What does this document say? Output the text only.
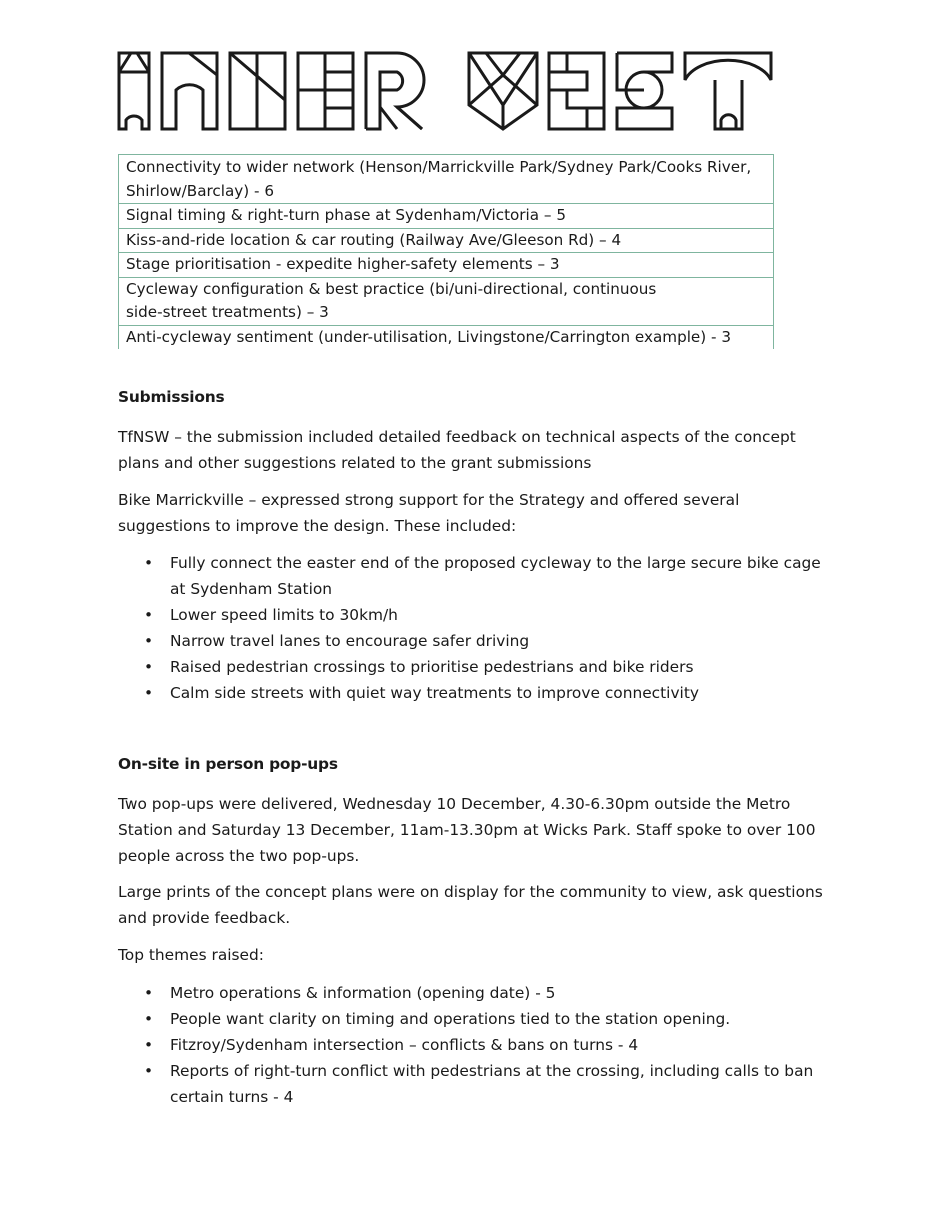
Connectivity to wider network (Henson/Marrickville Park/Sydney Park/Cooks River, Shirlow/Barclay) - 6
Signal timing & right-turn phase at Sydenham/Victoria – 5
Kiss-and-ride location & car routing (Railway Ave/Gleeson Rd) – 4
Stage prioritisation - expedite higher-safety elements – 3
Cycleway configuration & best practice (bi/uni-directional, continuous side-street treatments) – 3
Anti-cycleway sentiment (under-utilisation, Livingstone/Carrington example) - 3
Submissions

TfNSW – the submission included detailed feedback on technical aspects of the concept plans and other suggestions related to the grant submissions

Bike Marrickville – expressed strong support for the Strategy and offered several suggestions to improve the design. These included:

• Fully connect the easter end of the proposed cycleway to the large secure bike cage at Sydenham Station
• Lower speed limits to 30km/h
• Narrow travel lanes to encourage safer driving
• Raised pedestrian crossings to prioritise pedestrians and bike riders
• Calm side streets with quiet way treatments to improve connectivity
On-site in person pop-ups

Two pop-ups were delivered, Wednesday 10 December, 4.30-6.30pm outside the Metro Station and Saturday 13 December, 11am-13.30pm at Wicks Park. Staff spoke to over 100 people across the two pop-ups.

Large prints of the concept plans were on display for the community to view, ask questions and provide feedback.

Top themes raised:

• Metro operations & information (opening date) - 5
• People want clarity on timing and operations tied to the station opening.
• Fitzroy/Sydenham intersection – conflicts & bans on turns - 4
• Reports of right-turn conflict with pedestrians at the crossing, including calls to ban certain turns - 4
